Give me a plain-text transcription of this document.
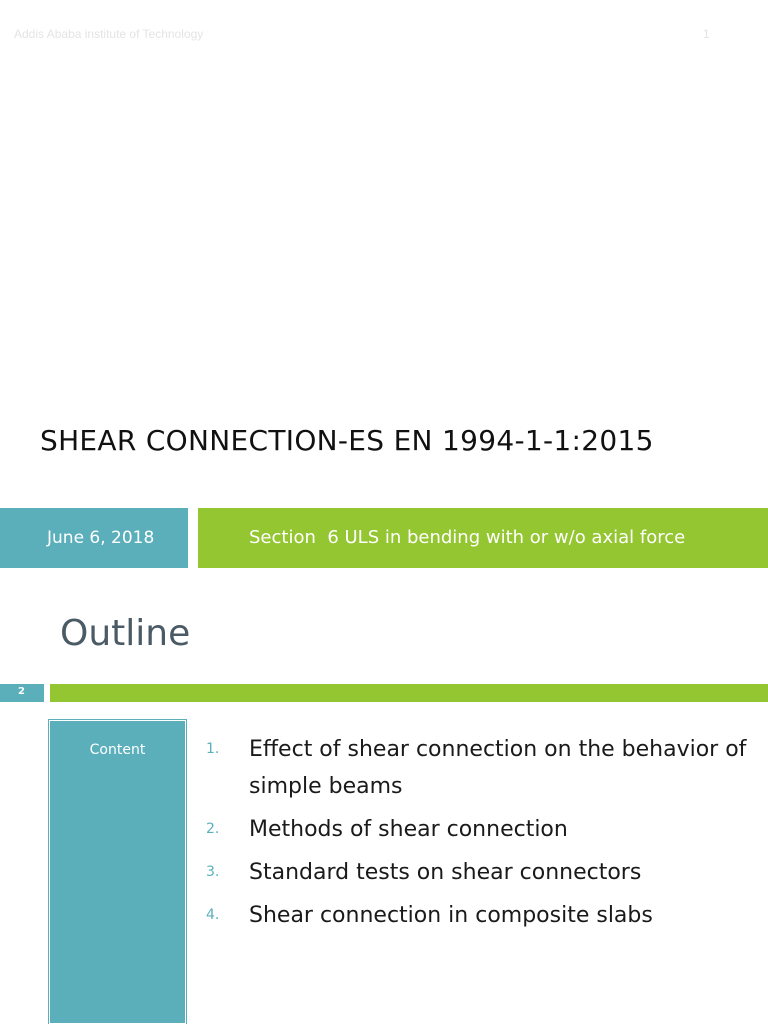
Addis Ababa institute of Technology	1
SHEAR CONNECTION-ES EN 1994-1-1:2015
June 6, 2018	Section  6 ULS in bending with or w/o axial force
Outline
2
Content	1. Effect of shear connection on the behavior of simple beams
2. Methods of shear connection
3. Standard tests on shear connectors
4. Shear connection in composite slabs
